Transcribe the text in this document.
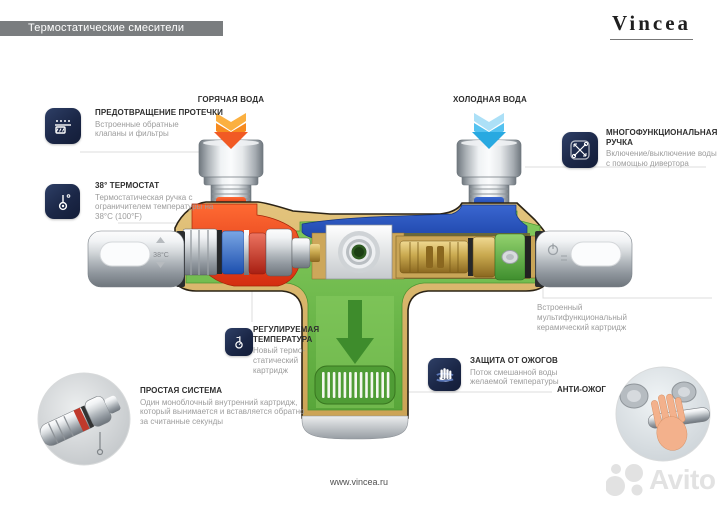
38°C
Термостатические смесители	Vincea
ГОРЯЧАЯ ВОДА	ХОЛОДНАЯ ВОДА
ПРЕДОТВРАЩЕНИЕ ПРОТЕЧКИ
Встроенные обратные клапаны и фильтры
38° ТЕРМОСТАТ
Термостатическая ручка с ограничителем температуры на 38°C (100°F)
ПРОСТАЯ СИСТЕМА
Один моноблочный внутренний картридж, который вынимается и вставляется обратно за считанные секунды
МНОГОФУНКЦИОНАЛЬНАЯ РУЧКА
Включение/выключение воды с помощью дивертора
Встроенный мультифункциональный керамический картридж
РЕГУЛИРУЕМАЯ ТЕМПЕРАТУРА
Новый термо-статический картридж
ЗАЩИТА ОТ ОЖОГОВ
Поток смешанной воды желаемой температуры
АНТИ-ОЖОГ
www.vincea.ru	Avito
